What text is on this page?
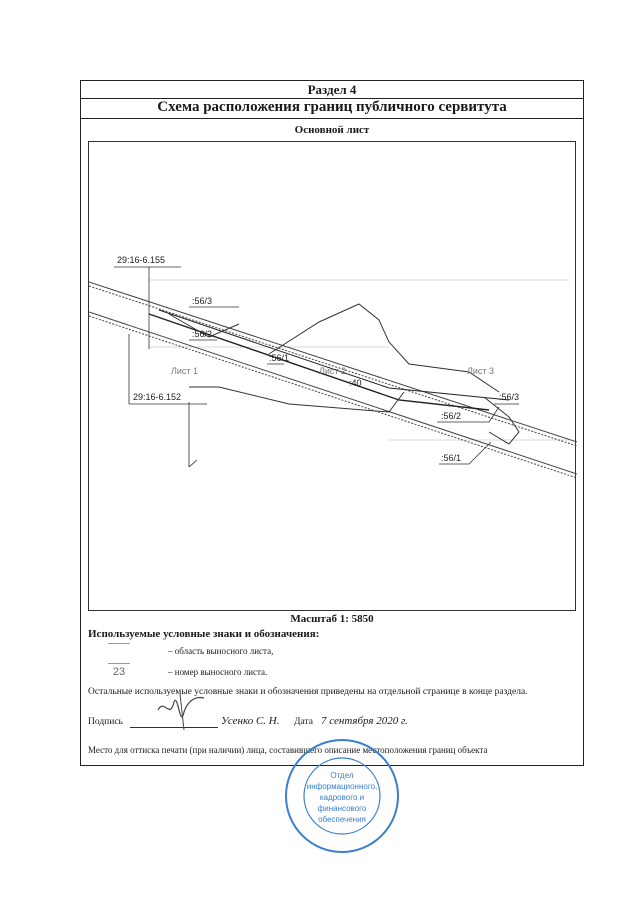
Раздел 4
Схема расположения границ публичного сервитута
Основной лист
29:16-6.155
:56/3
:56/2
:56/1
:40
29:16-6.152	:56/3
:56/2
:56/1
Лист 1	Лист 2	Лист 3
Масштаб 1: 5850
Используемые условные знаки и обозначения:
– область выносного листа,
23	– номер выносного листа.
Остальные используемые условные знаки и обозначения приведены на отдельной странице в конце раздела.
Подпись	Усенко С. Н. Дата 7 сентября 2020 г.
Место для оттиска печати (при наличии) лица, составившего описание местоположения границ объекта
Отдел
информационного,
кадрового и
финансового
обеспечения
